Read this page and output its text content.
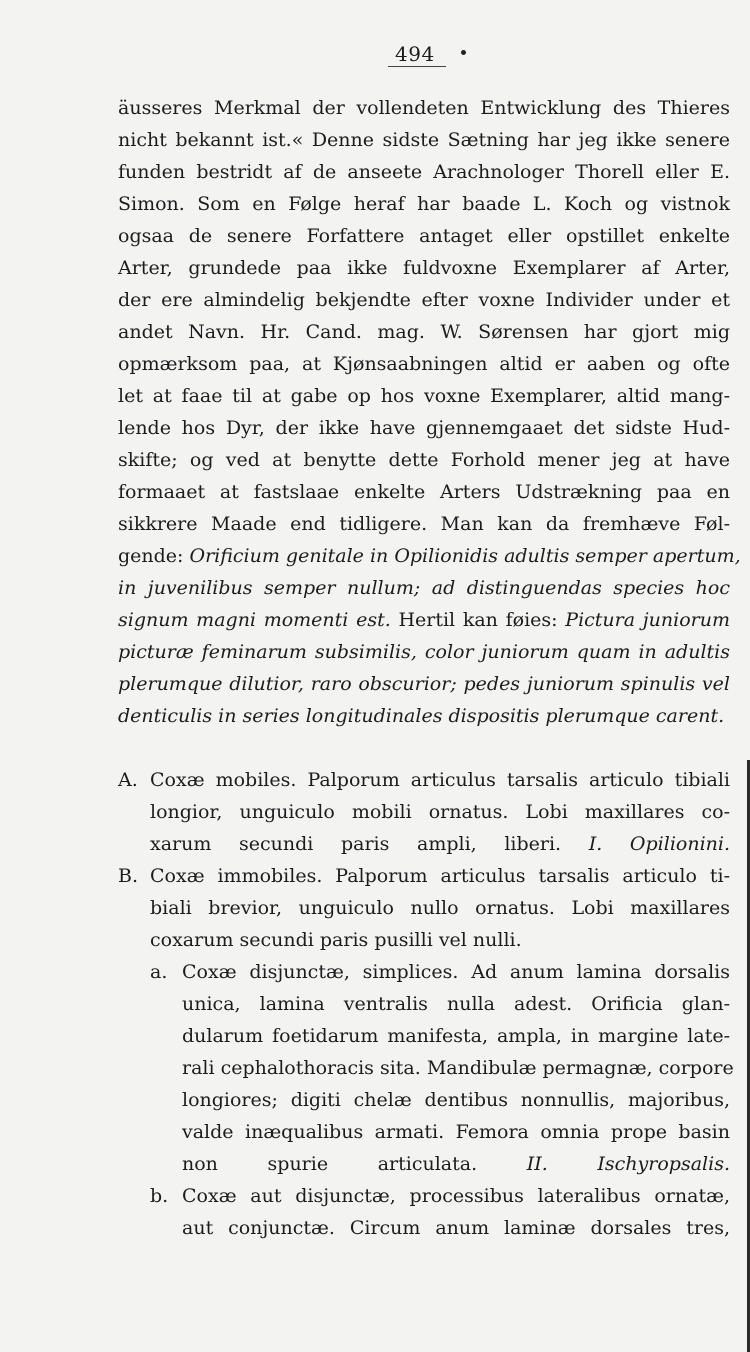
494
äusseres Merkmal der vollendeten Entwicklung des Thieres
nicht bekannt ist.« Denne sidste Sætning har jeg ikke senere
funden bestridt af de anseete Arachnologer Thorell eller E.
Simon. Som en Følge heraf har baade L. Koch og vistnok
ogsaa de senere Forfattere antaget eller opstillet enkelte
Arter, grundede paa ikke fuldvoxne Exemplarer af Arter,
der ere almindelig bekjendte efter voxne Individer under et
andet Navn. Hr. Cand. mag. W. Sørensen har gjort mig
opmærksom paa, at Kjønsaabningen altid er aaben og ofte
let at faae til at gabe op hos voxne Exemplarer, altid mang-
lende hos Dyr, der ikke have gjennemgaaet det sidste Hud-
skifte; og ved at benytte dette Forhold mener jeg at have
formaaet at fastslaae enkelte Arters Udstrækning paa en
sikkrere Maade end tidligere. Man kan da fremhæve Føl-
gende: Orificium genitale in Opilionidis adultis semper apertum,
in juvenilibus semper nullum; ad distinguendas species hoc
signum magni momenti est. Hertil kan føies: Pictura juniorum
picturæ feminarum subsimilis, color juniorum quam in adultis
plerumque dilutior, raro obscurior; pedes juniorum spinulis vel
denticulis in series longitudinales dispositis plerumque carent.
A. Coxæ mobiles. Palporum articulus tarsalis articulo tibiali
longior, unguiculo mobili ornatus. Lobi maxillares co-
xarum secundi paris ampli, liberi. I. Opilionini.
B. Coxæ immobiles. Palporum articulus tarsalis articulo ti-
biali brevior, unguiculo nullo ornatus. Lobi maxillares
coxarum secundi paris pusilli vel nulli.
a. Coxæ disjunctæ, simplices. Ad anum lamina dorsalis
unica, lamina ventralis nulla adest. Orificia glan-
dularum foetidarum manifesta, ampla, in margine late-
rali cephalothoracis sita. Mandibulæ permagnæ, corpore
longiores; digiti chelæ dentibus nonnullis, majoribus,
valde inæqualibus armati. Femora omnia prope basin
non spurie articulata.	II. Ischyropsalis.
b. Coxæ aut disjunctæ, processibus lateralibus ornatæ,
aut conjunctæ. Circum anum laminæ dorsales tres,
